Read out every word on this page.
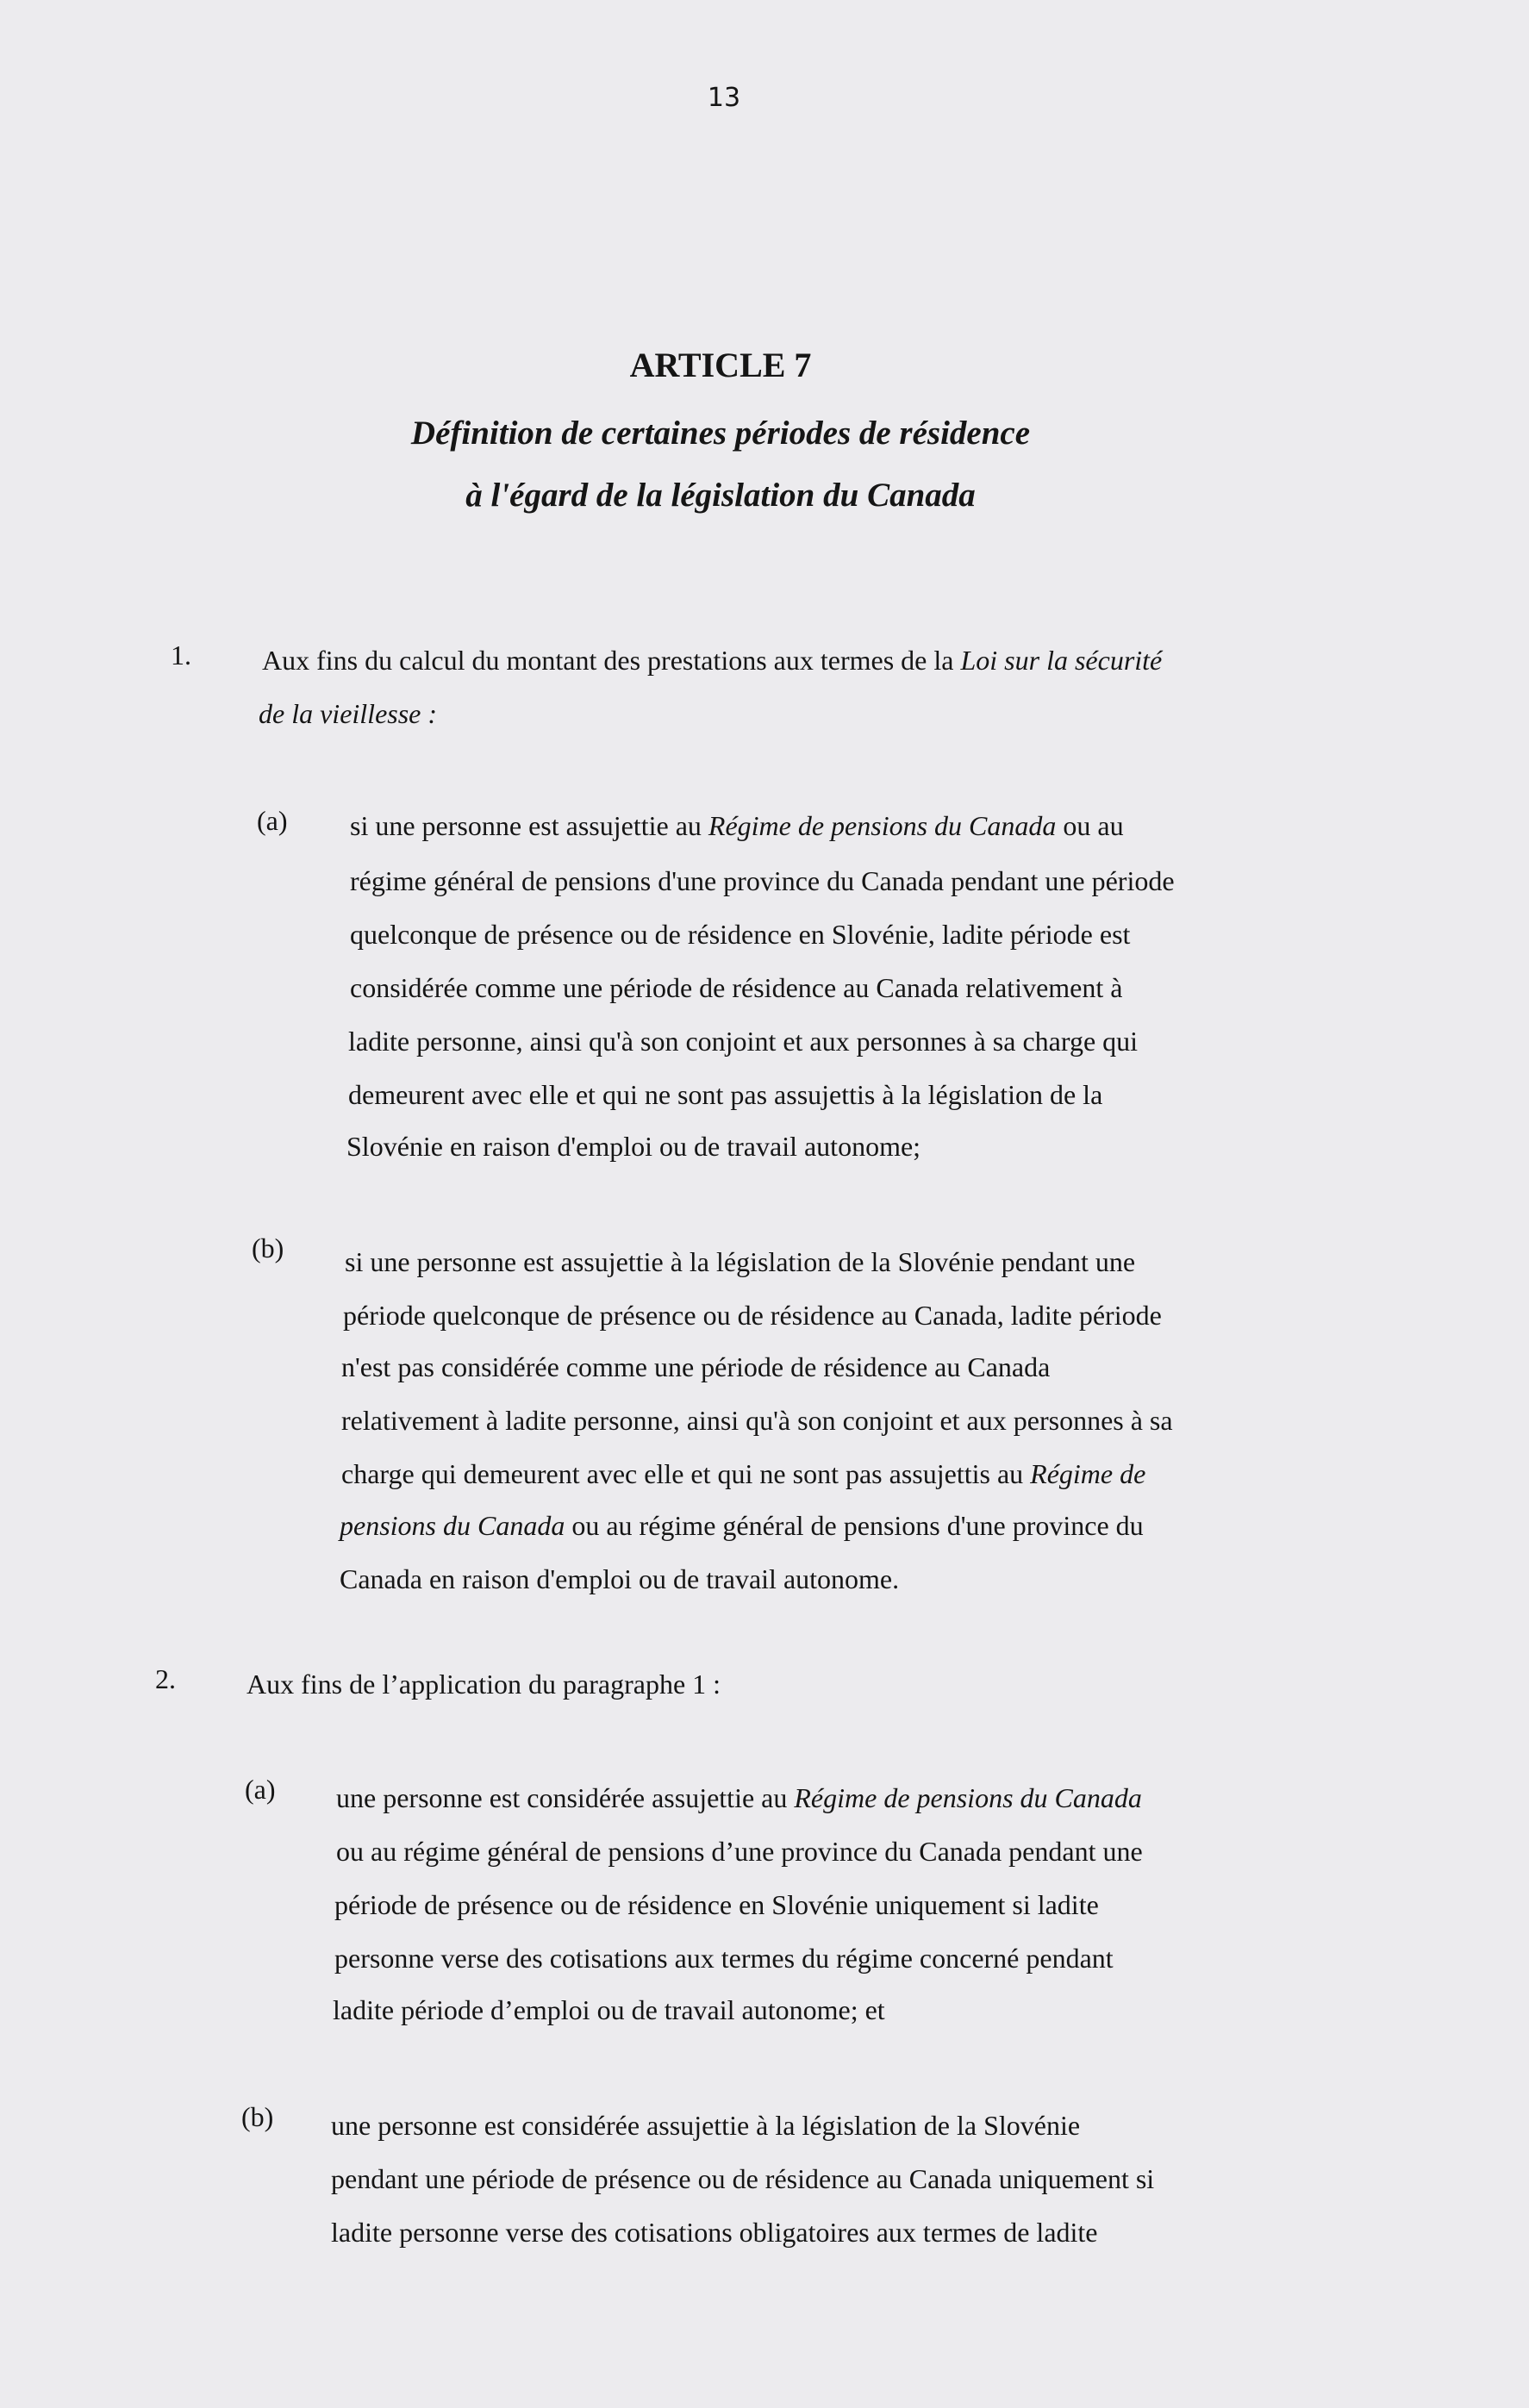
13
ARTICLE 7
Définition de certaines périodes de résidence
à l'égard de la législation du Canada
1.	Aux fins du calcul du montant des prestations aux termes de la Loi sur la sécurité
de la vieillesse :
(a) si une personne est assujettie au Régime de pensions du Canada ou au
régime général de pensions d'une province du Canada pendant une période
quelconque de présence ou de résidence en Slovénie, ladite période est
considérée comme une période de résidence au Canada relativement à
ladite personne, ainsi qu'à son conjoint et aux personnes à sa charge qui
demeurent avec elle et qui ne sont pas assujettis à la législation de la
Slovénie en raison d'emploi ou de travail autonome;
(b) si une personne est assujettie à la législation de la Slovénie pendant une
période quelconque de présence ou de résidence au Canada, ladite période
n'est pas considérée comme une période de résidence au Canada
relativement à ladite personne, ainsi qu'à son conjoint et aux personnes à sa
charge qui demeurent avec elle et qui ne sont pas assujettis au Régime de
pensions du Canada ou au régime général de pensions d'une province du
Canada en raison d'emploi ou de travail autonome.
2.	Aux fins de l’application du paragraphe 1 :
(a) une personne est considérée assujettie au Régime de pensions du Canada
ou au régime général de pensions d’une province du Canada pendant une
période de présence ou de résidence en Slovénie uniquement si ladite
personne verse des cotisations aux termes du régime concerné pendant
ladite période d’emploi ou de travail autonome; et
(b) une personne est considérée assujettie à la législation de la Slovénie
pendant une période de présence ou de résidence au Canada uniquement si
ladite personne verse des cotisations obligatoires aux termes de ladite
